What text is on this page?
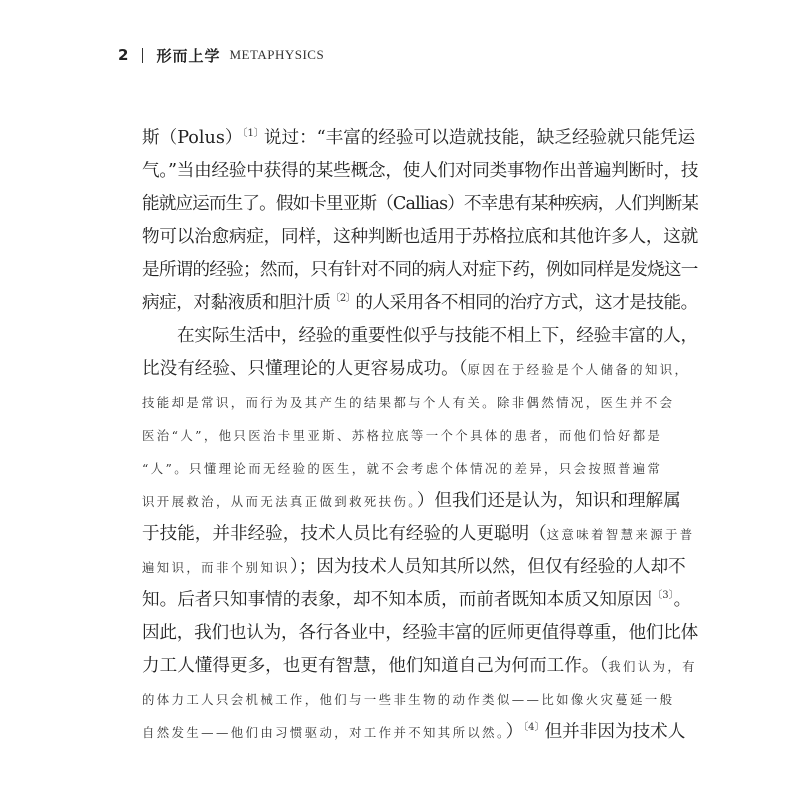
2 形而上学 METAPHYSICS
斯（Polus）$^{〔1〕}$说过：“丰富的经验可以造就技能，缺乏经验就只能凭运
气。”当由经验中获得的某些概念，使人们对同类事物作出普遍判断时，技
能就应运而生了。假如卡里亚斯（Callias）不幸患有某种疾病，人们判断某
物可以治愈病症，同样，这种判断也适用于苏格拉底和其他许多人，这就
是所谓的经验；然而，只有针对不同的病人对症下药，例如同样是发烧这一
病症，对黏液质和胆汁质$^{〔2〕}$的人采用各不相同的治疗方式，这才是技能。
在实际生活中，经验的重要性似乎与技能不相上下，经验丰富的人，
比没有经验、只懂理论的人更容易成功。（原因在于经验是个人储备的知识，
技能却是常识，而行为及其产生的结果都与个人有关。除非偶然情况，医生并不会
医治“人”，他只医治卡里亚斯、苏格拉底等一个个具体的患者，而他们恰好都是
“人”。只懂理论而无经验的医生，就不会考虑个体情况的差异，只会按照普遍常
识开展救治，从而无法真正做到救死扶伤。）但我们还是认为，知识和理解属
于技能，并非经验，技术人员比有经验的人更聪明（这意味着智慧来源于普
遍知识，而非个别知识）；因为技术人员知其所以然，但仅有经验的人却不
知。后者只知事情的表象，却不知本质，而前者既知本质又知原因$^{〔3〕}$。
因此，我们也认为，各行各业中，经验丰富的匠师更值得尊重，他们比体
力工人懂得更多，也更有智慧，他们知道自己为何而工作。（我们认为，有
的体力工人只会机械工作，他们与一些非生物的动作类似——比如像火灾蔓延一般
自然发生——他们由习惯驱动，对工作并不知其所以然。）$^{〔4〕}$但并非因为技术人
